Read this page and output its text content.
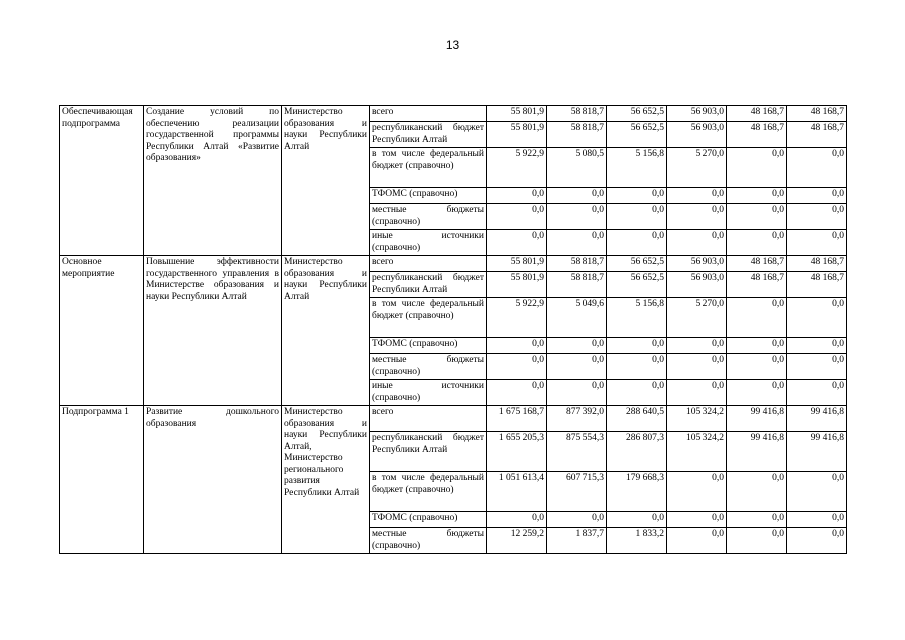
13
Обеспечивающая подпрограмма	Создание условий по обеспечению реализации государственной программы Республики Алтай «Развитие образования»	Министерство образования и науки Республики Алтай	всего	55 801,9	58 818,7	56 652,5	56 903,0	48 168,7	48 168,7
			республиканский бюджет Республики Алтай	55 801,9	58 818,7	56 652,5	56 903,0	48 168,7	48 168,7
			в том числе федеральный бюджет (справочно)	5 922,9	5 080,5	5 156,8	5 270,0	0,0	0,0
			ТФОМС (справочно)	0,0	0,0	0,0	0,0	0,0	0,0
			местные бюджеты (справочно)	0,0	0,0	0,0	0,0	0,0	0,0
			иные источники (справочно)	0,0	0,0	0,0	0,0	0,0	0,0
Основное мероприятие	Повышение эффективности государственного управления в Министерстве образования и науки Республики Алтай	Министерство образования и науки Республики Алтай	всего	55 801,9	58 818,7	56 652,5	56 903,0	48 168,7	48 168,7
			республиканский бюджет Республики Алтай	55 801,9	58 818,7	56 652,5	56 903,0	48 168,7	48 168,7
			в том числе федеральный бюджет (справочно)	5 922,9	5 049,6	5 156,8	5 270,0	0,0	0,0
			ТФОМС (справочно)	0,0	0,0	0,0	0,0	0,0	0,0
			местные бюджеты (справочно)	0,0	0,0	0,0	0,0	0,0	0,0
			иные источники (справочно)	0,0	0,0	0,0	0,0	0,0	0,0
Подпрограмма 1	Развитие дошкольного образования	Министерство образования и науки Республики Алтай, Министерство регионального развития Республики Алтай	всего	1 675 168,7	877 392,0	288 640,5	105 324,2	99 416,8	99 416,8
			республиканский бюджет Республики Алтай	1 655 205,3	875 554,3	286 807,3	105 324,2	99 416,8	99 416,8
			в том числе федеральный бюджет (справочно)	1 051 613,4	607 715,3	179 668,3	0,0	0,0	0,0
			ТФОМС (справочно)	0,0	0,0	0,0	0,0	0,0	0,0
			местные бюджеты (справочно)	12 259,2	1 837,7	1 833,2	0,0	0,0	0,0
